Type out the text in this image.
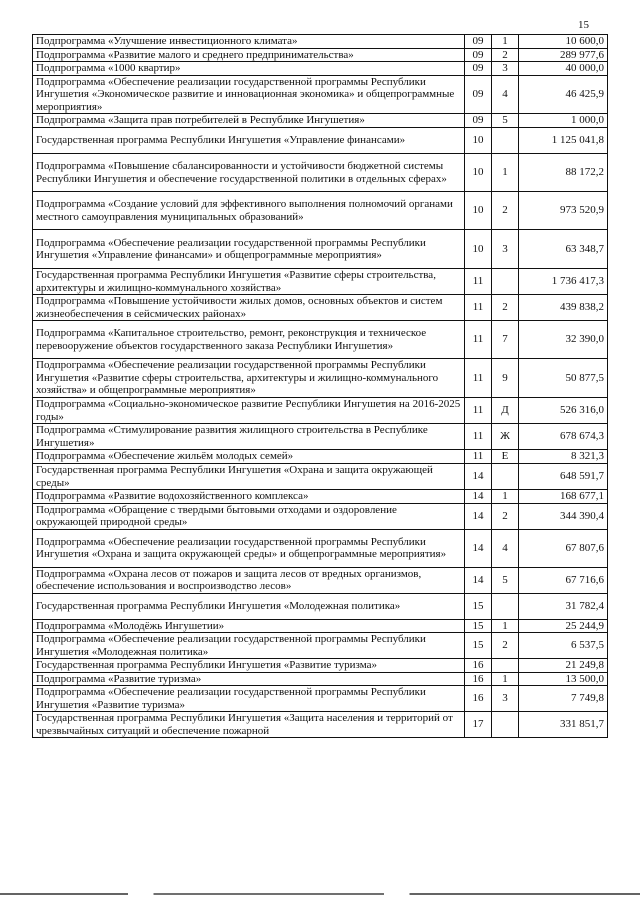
15
Подпрограмма «Улучшение инвестиционного климата»	09	1	10 600,0
Подпрограмма «Развитие малого и среднего предпринимательства»	09	2	289 977,6
Подпрограмма «1000 квартир»	09	3	40 000,0
Подпрограмма «Обеспечение реализации государственной программы Республики Ингушетия «Экономическое развитие и инновационная экономика» и общепрограммные мероприятия»	09	4	46 425,9
Подпрограмма «Защита прав потребителей в Республике Ингушетия»	09	5	1 000,0
Государственная программа Республики Ингушетия «Управление финансами»	10		1 125 041,8
Подпрограмма «Повышение сбалансированности и устойчивости бюджетной системы Республики Ингушетия и обеспечение государственной политики в отдельных сферах»	10	1	88 172,2
Подпрограмма «Создание условий для эффективного выполнения полномочий органами местного самоуправления муниципальных образований»	10	2	973 520,9
Подпрограмма «Обеспечение реализации государственной программы Республики Ингушетия «Управление финансами» и общепрограммные мероприятия»	10	3	63 348,7
Государственная программа Республики Ингушетия «Развитие сферы строительства, архитектуры и жилищно-коммунального хозяйства»	11		1 736 417,3
Подпрограмма «Повышение устойчивости жилых домов, основных объектов и систем жизнеобеспечения в сейсмических районах»	11	2	439 838,2
Подпрограмма «Капитальное строительство, ремонт, реконструкция и техническое перевооружение объектов государственного заказа Республики Ингушетия»	11	7	32 390,0
Подпрограмма «Обеспечение реализации государственной программы Республики Ингушетия «Развитие сферы строительства, архитектуры и жилищно-коммунального хозяйства» и общепрограммные мероприятия»	11	9	50 877,5
Подпрограмма «Социально-экономическое развитие Республики Ингушетия на 2016-2025 годы»	11	Д	526 316,0
Подпрограмма «Стимулирование развития жилищного строительства в Республике Ингушетия»	11	Ж	678 674,3
Подпрограмма «Обеспечение жильём молодых семей»	11	Е	8 321,3
Государственная программа Республики Ингушетия «Охрана и защита окружающей среды»	14		648 591,7
Подпрограмма «Развитие водохозяйственного комплекса»	14	1	168 677,1
Подпрограмма «Обращение с твердыми бытовыми отходами и оздоровление окружающей природной среды»	14	2	344 390,4
Подпрограмма «Обеспечение реализации государственной программы Республики Ингушетия «Охрана и защита окружающей среды» и общепрограммные мероприятия»	14	4	67 807,6
Подпрограмма «Охрана лесов от пожаров и защита лесов от вредных организмов, обеспечение использования и воспроизводство лесов»	14	5	67 716,6
Государственная программа Республики Ингушетия «Молодежная политика»	15		31 782,4
Подпрограмма «Молодёжь Ингушетии»	15	1	25 244,9
Подпрограмма «Обеспечение реализации государственной программы Республики Ингушетия «Молодежная политика»	15	2	6 537,5
Государственная программа Республики Ингушетия «Развитие туризма»	16		21 249,8
Подпрограмма «Развитие туризма»	16	1	13 500,0
Подпрограмма «Обеспечение реализации государственной программы Республики Ингушетия «Развитие туризма»	16	3	7 749,8
Государственная программа Республики Ингушетия «Защита населения и территорий от чрезвычайных ситуаций и обеспечение пожарной	17		331 851,7
